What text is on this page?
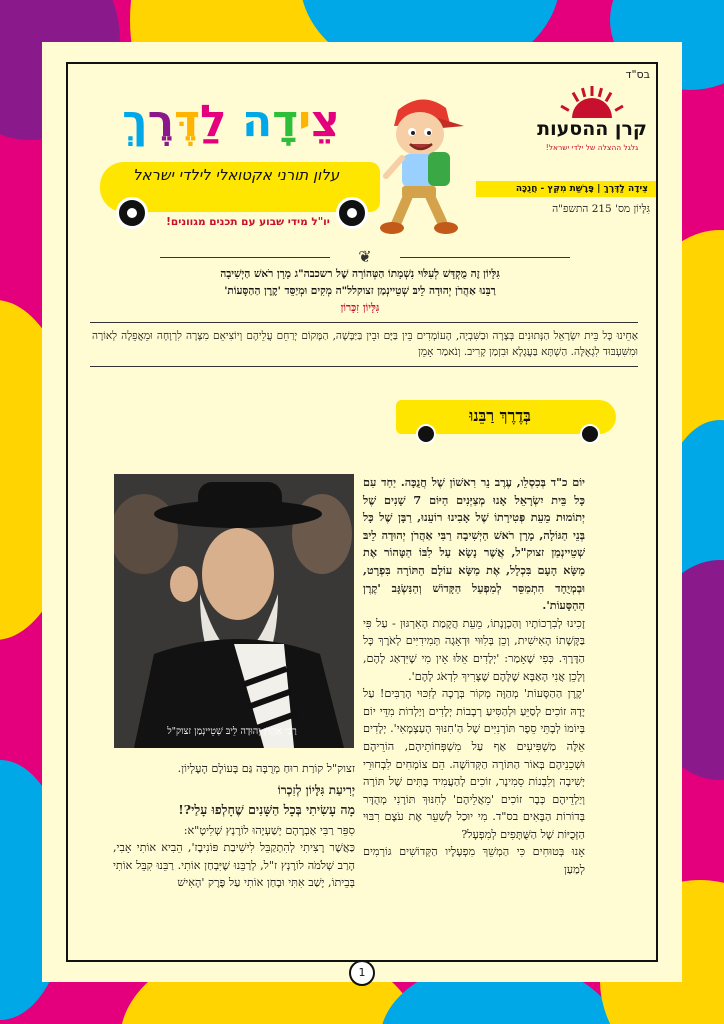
בס"ד
קרן ההסעות
גלגל ההצלה של ילדי ישראל!
צֵידָה לַדֶּרֶךְ | פָּרָשַׁת מִקֵּץ - חֲנֻכָּה
גִּלָּיוֹן מס' 215 התשפ"ה
צֵידָה לַדֶּרֶךְ
עלון תורני אקטואלי לילדי ישראל
יו"ל מידי שבוע עם תכנים מגוונים!
❦
גִּלָּיוֹן זֶה מֻקְדָּשׁ לְעִלּוּי נִשְׁמָתוֹ הַטְּהוֹרָה שֶׁל רשכבה"ג מָרָן רֹאשׁ הַיְשִׁיבָה
רַבֵּנוּ אַהֲרֹן יְהוּדָה לֵיבּ שְׁטֵיינְמַן זצוקלל"ה מְקִים וּמְיַסֵּד 'קֶרֶן הַהַסָּעוֹת'
גִּלָּיוֹן זִכָּרוֹן
אַחֵינוּ כָּל בֵּית יִשְׂרָאֵל הַנְּתוּנִים בְּצָרָה וּבַשִּׁבְיָה, הָעוֹמְדִים בֵּין בַּיָּם וּבֵין בַּיַּבָּשָׁה, הַמָּקוֹם יְרַחֵם עֲלֵיהֶם וְיוֹצִיאֵם מִצָּרָה לִרְוָחָה וּמֵאֲפֵלָה לְאוֹרָה וּמִשִּׁעְבּוּד לִגְאֻלָּה. הַשְׁתָּא בַּעֲגָלָא וּבִזְמַן קָרִיב. וְנֹאמַר אָמֵן
בְּדֶרֶךְ רַבֵּנוּ
רַבִּי אַהֲרֹן יְהוּדָה לֵיבּ שְׁטֵיינְמַן זצוק"ל
יוֹם כ"ד בְּכִסְלֵו, עֶרֶב נֵר רִאשׁוֹן שֶׁל חֲנֻכָּה. יַחַד עִם כָּל בֵּית יִשְׂרָאֵל אָנוּ מְצַיְּנִים הַיּוֹם 7 שָׁנִים שֶׁל יְתוֹמוּת מֵעֵת פְּטִירָתוֹ שֶׁל אָבִינוּ רוֹעֵנוּ, רַבָּן שֶׁל כָּל בְּנֵי הַגּוֹלָה, מָרָן רֹאשׁ הַיְשִׁיבָה רַבִּי אַהֲרֹן יְהוּדָה לֵיבּ שְׁטֵיינְמַן זצוק"ל, אֲשֶׁר נָשָׂא עַל לִבּוֹ הַטָּהוֹר אֶת מַשָּׂא הָעָם בִּכְלָל, אֶת מַשָּׂא עוֹלָם הַתּוֹרָה בִּפְרָט, וּבְמְיֻחָד הִתְמַסֵּר לְמִפְעַל הַקָּדוֹשׁ וְהַנִּשְׂגָּב 'קֶרֶן הַהַסָּעוֹת'.
זָכִינוּ לְבִרְכוֹתָיו וְהַכְוָנָתוֹ, מֵעֵת הֲקָמַת הָאִרְגּוּן - עַל פִּי בַּקָּשָׁתוֹ הָאִישִׁית, וְכֵן בְּלִוּוּי וּדְאָגָה תְּמִידִיִּים לְאֹרֶךְ כָּל הַדֶּרֶךְ. כְּפִי שֶׁאָמַר: 'יְלָדִים אֵלּוּ אֵין מִי שֶׁיִּדְאַג לָהֶם, וְלָכֵן אֲנִי הָאַבָּא שֶׁלָּהֶם שֶׁצָּרִיךְ לִדְאֹג לָהֶם'.
'קֶרֶן הַהַסָּעוֹת' מְהַוָּה מְקוֹר בְּרָכָה לְזִכּוּי הָרַבִּים! עַל יָדָהּ זוֹכִים לְסַיֵּעַ וּלְהַסִּיעַ רְבָבוֹת יְלָדִים וְיַלְדוֹת מִדֵּי יוֹם בְּיוֹמוֹ לְבָתֵּי סֵפֶר תּוֹרָנִיִּים שֶׁל הַ'חִנּוּךְ הָעַצְמָאִי'. יְלָדִים אֵלֶּה מַשְׁפִּיעִים אַף עַל מִשְׁפְּחוֹתֵיהֶם, הוֹרֵיהֶם וּשְׁכֵנֵיהֶם בְּאוֹר הַתּוֹרָה הַקְּדוֹשָׁה. הֵם צוֹמְחִים לִבְחוּרֵי יְשִׁיבָה וְלִבְנוֹת סֵמִינָר, זוֹכִים לְהַעֲמִיד בָּתִּים שֶׁל תּוֹרָה וְיַלְדֵיהֶם כְּבָר זוֹכִים 'מֵאֲלֵיהֶם' לְחִנּוּךְ תּוֹרָנִי מְהֻדָּר בְּדוֹרוֹת הַבָּאִים בס"ד. מִי יוּכַל לְשַׁעֵר אֶת עֹצֶם רִבּוּי הַזְּכֻיּוֹת שֶׁל הַשֻּׁתָּפִים לְמִפְעָל?
אָנוּ בְּטוּחִים כִּי הַמְשֵׁךְ מִפְעָלָיו הַקְּדוֹשִׁים גּוֹרְמִים לְמַעַן
זצוק"ל קוֹרַת רוּחַ מְרֻבָּה גַּם בָּעוֹלָם הָעֶלְיוֹן.
יְרִיעַת גִּלָּיוֹן לְזִכְרוֹ
מָה עָשִׂיתִי בְּכָל הַשָּׁנִים שֶׁחָלְפוּ עָלַי?!
סִפֵּר רַבִּי אַבְרָהָם יְשַׁעְיָהוּ לוֹרֶנְץ שְׁלִיטָ"א:
כַּאֲשֶׁר רָצִיתִי לְהִתְקַבֵּל לִישִׁיבַת פּוֹנִיבֶז', הֵבִיא אוֹתִי אָבִי, הָרַב שְׁלֹמֹה לוֹרֶנְץ ז"ל, לְרַבֵּנוּ שֶׁיִּבְחַן אוֹתִי. רַבֵּנוּ קִבֵּל אוֹתִי בְּבֵיתוֹ, יָשַׁב אִתִּי וּבָחַן אוֹתִי עַל פֶּרֶק 'הָאִישׁ
1
